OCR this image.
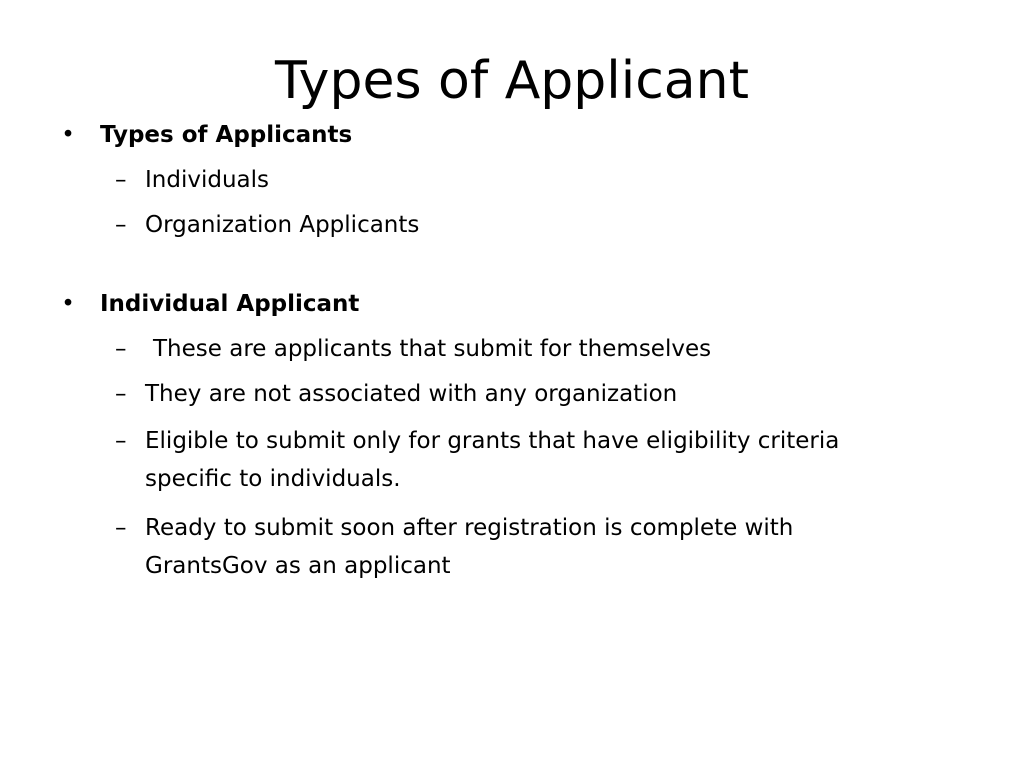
Types of Applicant
• Types of Applicants
– Individuals
– Organization Applicants
• Individual Applicant
– These are applicants that submit for themselves
– They are not associated with any organization
– Eligible to submit only for grants that have eligibility criteria specific to individuals.
– Ready to submit soon after registration is complete with GrantsGov as an applicant
